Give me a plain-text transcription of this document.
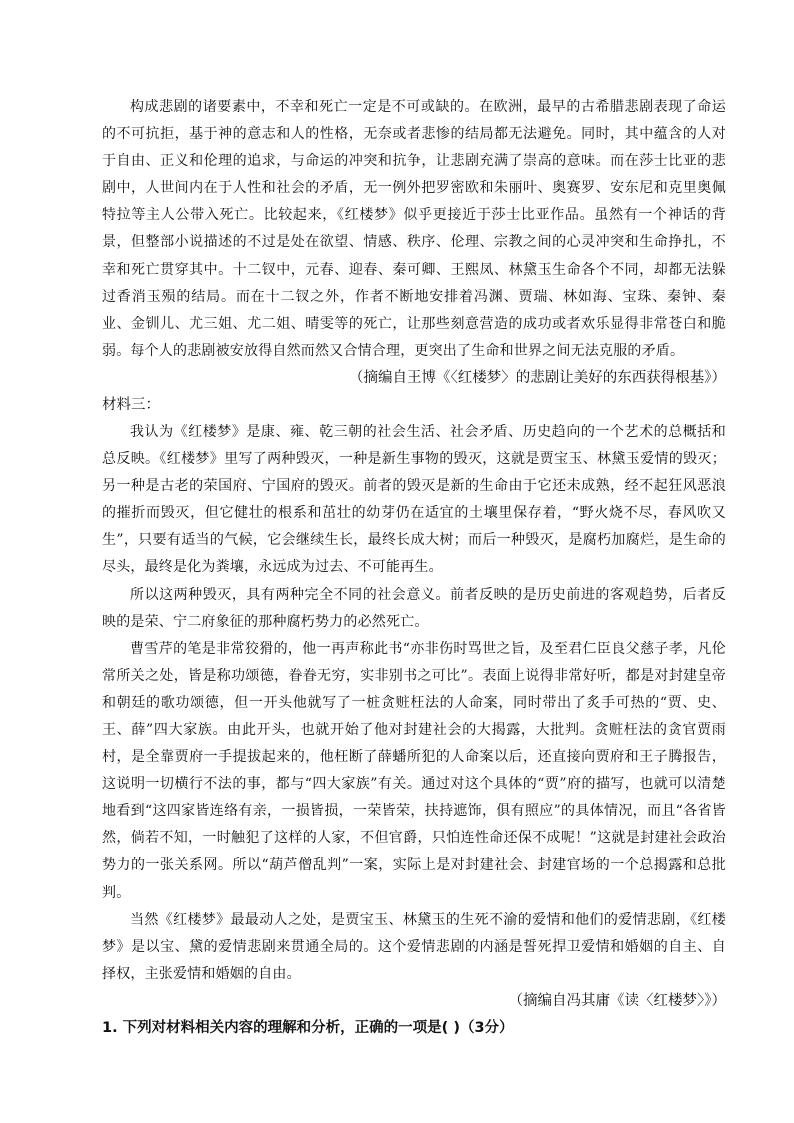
构成悲剧的诸要素中，不幸和死亡一定是不可或缺的。在欧洲，最早的古希腊悲剧表现了命运的不可抗拒，基于神的意志和人的性格，无奈或者悲惨的结局都无法避免。同时，其中蕴含的人对于自由、正义和伦理的追求，与命运的冲突和抗争，让悲剧充满了崇高的意味。而在莎士比亚的悲剧中，人世间内在于人性和社会的矛盾，无一例外把罗密欧和朱丽叶、奥赛罗、安东尼和克里奥佩特拉等主人公带入死亡。比较起来，《红楼梦》似乎更接近于莎士比亚作品。虽然有一个神话的背景，但整部小说描述的不过是处在欲望、情感、秩序、伦理、宗教之间的心灵冲突和生命挣扎，不幸和死亡贯穿其中。十二钗中，元春、迎春、秦可卿、王熙凤、林黛玉生命各个不同，却都无法躲过香消玉殒的结局。而在十二钗之外，作者不断地安排着冯渊、贾瑞、林如海、宝珠、秦钟、秦业、金钏儿、尤三姐、尤二姐、晴雯等的死亡，让那些刻意营造的成功或者欢乐显得非常苍白和脆弱。每个人的悲剧被安放得自然而然又合情合理，更突出了生命和世界之间无法克服的矛盾。

（摘编自王博《〈红楼梦〉的悲剧让美好的东西获得根基》）

材料三：

我认为《红楼梦》是康、雍、乾三朝的社会生活、社会矛盾、历史趋向的一个艺术的总概括和总反映。《红楼梦》里写了两种毁灭，一种是新生事物的毁灭，这就是贾宝玉、林黛玉爱情的毁灭；另一种是古老的荣国府、宁国府的毁灭。前者的毁灭是新的生命由于它还未成熟，经不起狂风恶浪的摧折而毁灭，但它健壮的根系和茁壮的幼芽仍在适宜的土壤里保存着，“野火烧不尽，春风吹又生”，只要有适当的气候，它会继续生长，最终长成大树；而后一种毁灭，是腐朽加腐烂，是生命的尽头，最终是化为粪壤，永远成为过去、不可能再生。

所以这两种毁灭，具有两种完全不同的社会意义。前者反映的是历史前进的客观趋势，后者反映的是荣、宁二府象征的那种腐朽势力的必然死亡。

曹雪芹的笔是非常狡猾的，他一再声称此书“亦非伤时骂世之旨，及至君仁臣良父慈子孝，凡伦常所关之处，皆是称功颂德，眷眷无穷，实非别书之可比”。表面上说得非常好听，都是对封建皇帝和朝廷的歌功颂德，但一开头他就写了一桩贪赃枉法的人命案，同时带出了炙手可热的“贾、史、王、薛”四大家族。由此开头，也就开始了他对封建社会的大揭露，大批判。贪赃枉法的贪官贾雨村，是全靠贾府一手提拔起来的，他枉断了薛蟠所犯的人命案以后，还直接向贾府和王子腾报告，这说明一切横行不法的事，都与“四大家族”有关。通过对这个具体的“贾”府的描写，也就可以清楚地看到“这四家皆连络有亲，一损皆损，一荣皆荣，扶持遮饰，俱有照应”的具体情况，而且“各省皆然，倘若不知，一时触犯了这样的人家，不但官爵，只怕连性命还保不成呢！”这就是封建社会政治势力的一张关系网。所以“葫芦僧乱判”一案，实际上是对封建社会、封建官场的一个总揭露和总批判。

当然《红楼梦》最最动人之处，是贾宝玉、林黛玉的生死不渝的爱情和他们的爱情悲剧，《红楼梦》是以宝、黛的爱情悲剧来贯通全局的。这个爱情悲剧的内涵是誓死捍卫爱情和婚姻的自主、自择权，主张爱情和婚姻的自由。

（摘编自冯其庸《读〈红楼梦〉》）

1. 下列对材料相关内容的理解和分析，正确的一项是( )（3分）
